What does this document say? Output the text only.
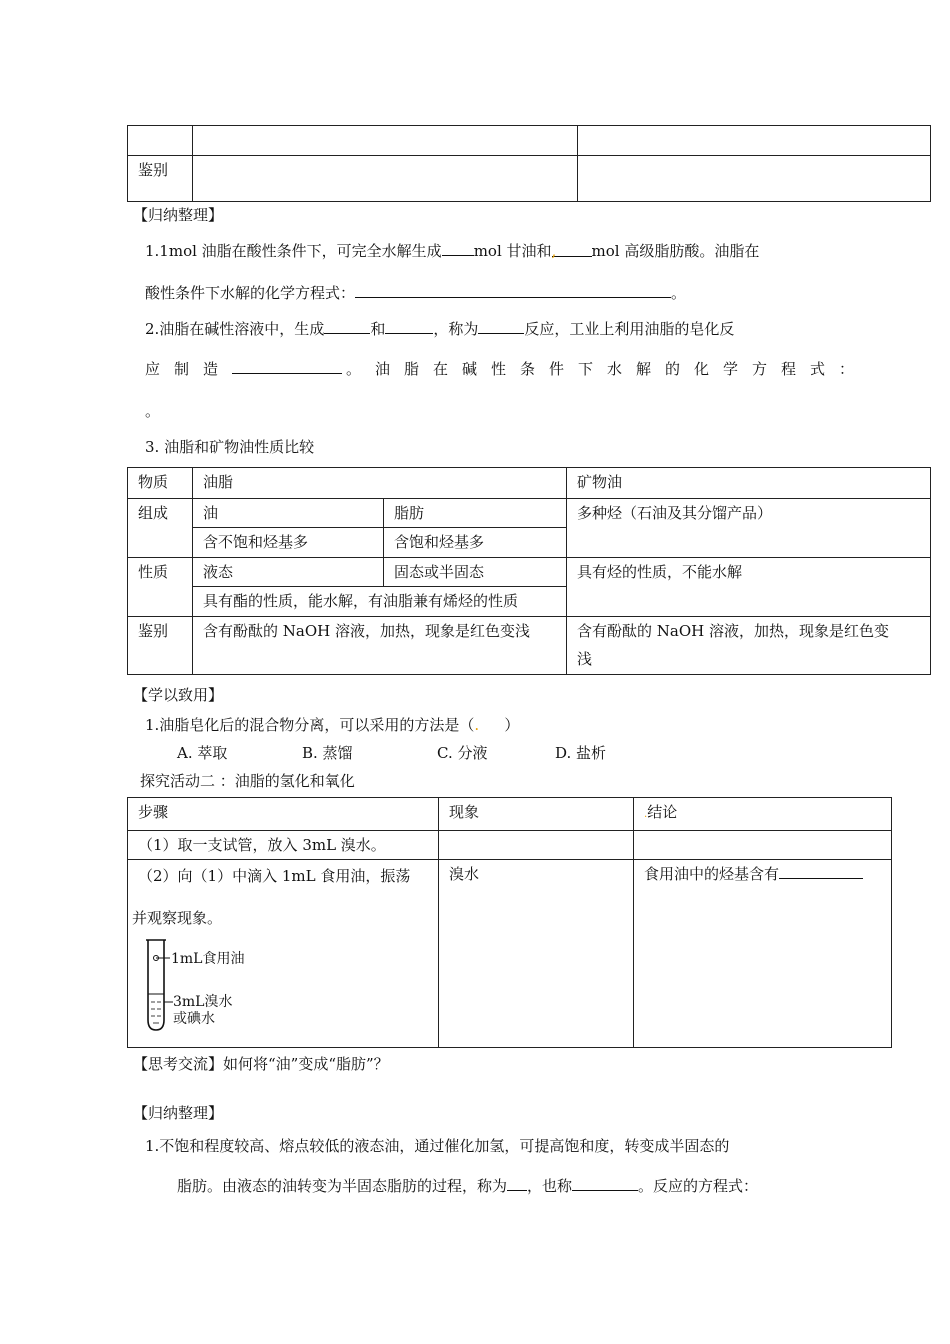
鉴别		
【归纳整理】
1.1mol 油脂在酸性条件下，可完全水解生成 mol 甘油和, mol 高级脂肪酸。油脂在
酸性条件下水解的化学方程式：	。
2.油脂在碱性溶液中，生成	和	，称为	反应，工业上利用油脂的皂化反
应制造	。油脂在碱性条件下水解的化学方程式：
。
3. 油脂和矿物油性质比较
物质	油脂		矿物油
组成	油	脂肪	多种烃（石油及其分馏产品）
	含不饱和烃基多	含饱和烃基多	
性质	液态	固态或半固态	具有烃的性质，不能水解
	具有酯的性质，能水解，有油脂兼有烯烃的性质		
鉴别	含有酚酞的 NaOH 溶液，加热，现象是红色变浅		含有酚酞的 NaOH 溶液，加热，现象是红色变
浅
【学以致用】
1.油脂皂化后的混合物分离，可以采用的方法是（. ）
A. 萃取	B. 蒸馏	C. 分液	D. 盐析
探究活动二 ：油脂的氢化和氧化
步骤	现象	.结论
（1）取一支试管，放入 3mL 溴水。		

（2）向（1）中滴入 1mL 食用油，振荡
并观察现象。
1mL食用油
3mL溴水
或碘水	溴水	食用油中的烃基含有
【思考交流】如何将“油”变成“脂肪”？
【归纳整理】
1.不饱和程度较高、熔点较低的液态油，通过催化加氢，可提高饱和度，转变成半固态的
脂肪。由液态的油转变为半固态脂肪的过程，称为 ，也称	。反应的方程式：
